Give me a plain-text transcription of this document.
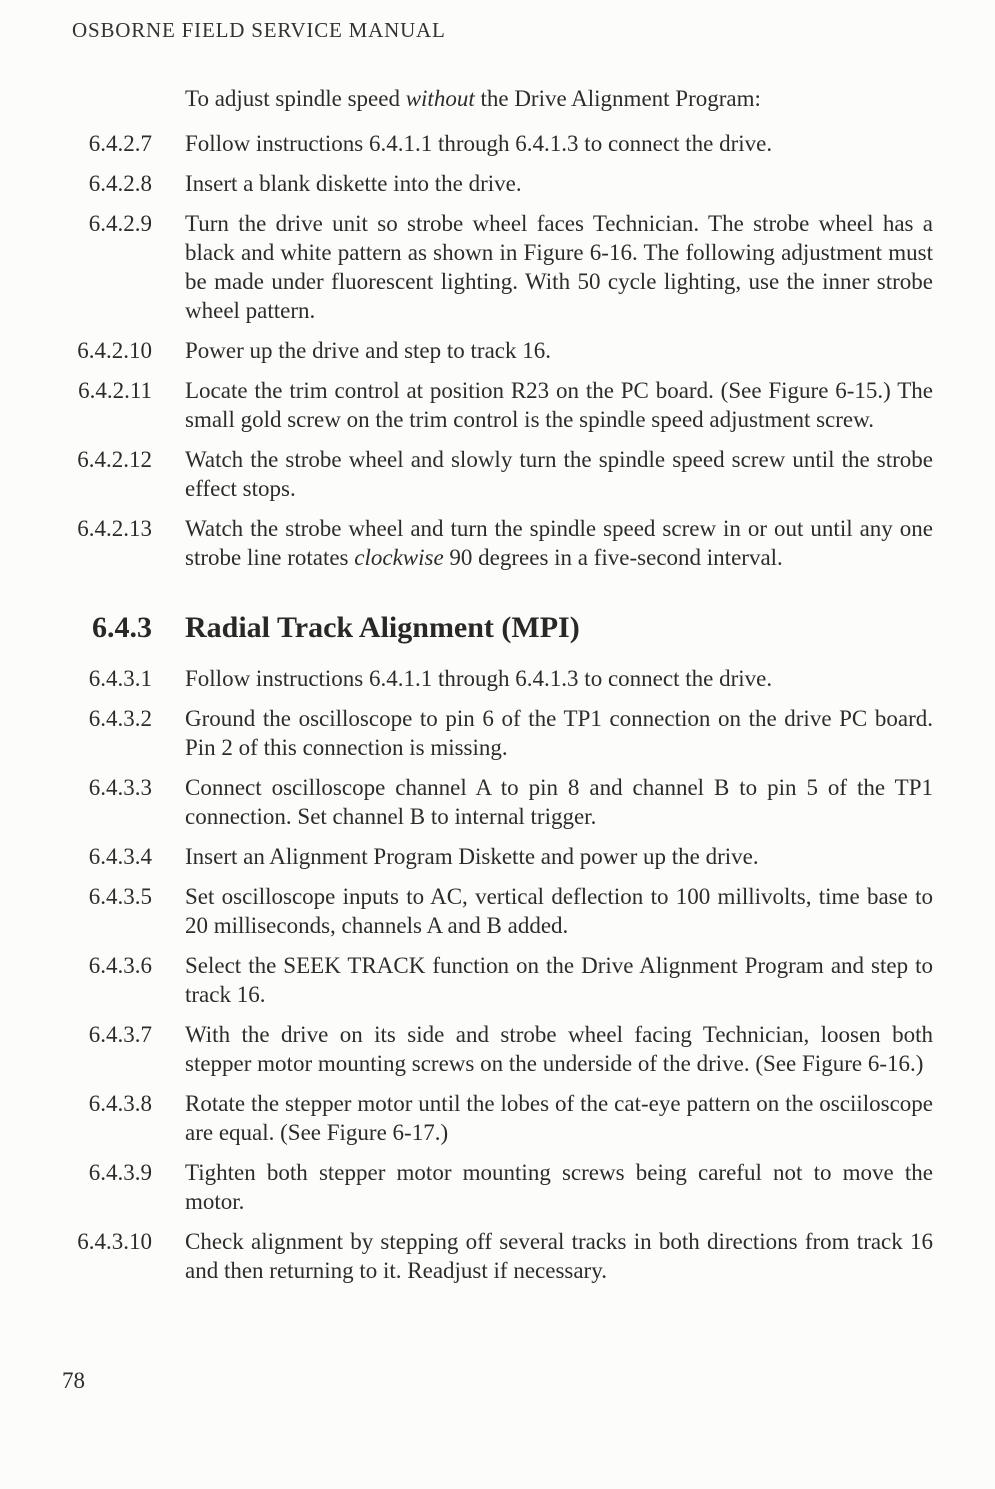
OSBORNE FIELD SERVICE MANUAL

To adjust spindle speed without the Drive Alignment Program:

6.4.2.7 Follow instructions 6.4.1.1 through 6.4.1.3 to connect the drive.
6.4.2.8 Insert a blank diskette into the drive.
6.4.2.9 Turn the drive unit so strobe wheel faces Technician. The strobe wheel has a black and white pattern as shown in Figure 6-16. The following adjustment must be made under fluorescent lighting. With 50 cycle lighting, use the inner strobe wheel pattern.
6.4.2.10 Power up the drive and step to track 16.
6.4.2.11 Locate the trim control at position R23 on the PC board. (See Figure 6-15.) The small gold screw on the trim control is the spindle speed adjustment screw.
6.4.2.12 Watch the strobe wheel and slowly turn the spindle speed screw until the strobe effect stops.
6.4.2.13 Watch the strobe wheel and turn the spindle speed screw in or out until any one strobe line rotates clockwise 90 degrees in a five-second interval.
6.4.3 Radial Track Alignment (MPI)
6.4.3.1 Follow instructions 6.4.1.1 through 6.4.1.3 to connect the drive.
6.4.3.2 Ground the oscilloscope to pin 6 of the TP1 connection on the drive PC board. Pin 2 of this connection is missing.
6.4.3.3 Connect oscilloscope channel A to pin 8 and channel B to pin 5 of the TP1 connection. Set channel B to internal trigger.
6.4.3.4 Insert an Alignment Program Diskette and power up the drive.
6.4.3.5 Set oscilloscope inputs to AC, vertical deflection to 100 millivolts, time base to 20 milliseconds, channels A and B added.
6.4.3.6 Select the SEEK TRACK function on the Drive Alignment Program and step to track 16.
6.4.3.7 With the drive on its side and strobe wheel facing Technician, loosen both stepper motor mounting screws on the underside of the drive. (See Figure 6-16.)
6.4.3.8 Rotate the stepper motor until the lobes of the cat-eye pattern on the osciiloscope are equal. (See Figure 6-17.)
6.4.3.9 Tighten both stepper motor mounting screws being careful not to move the motor.
6.4.3.10 Check alignment by stepping off several tracks in both directions from track 16 and then returning to it. Readjust if necessary.
78
